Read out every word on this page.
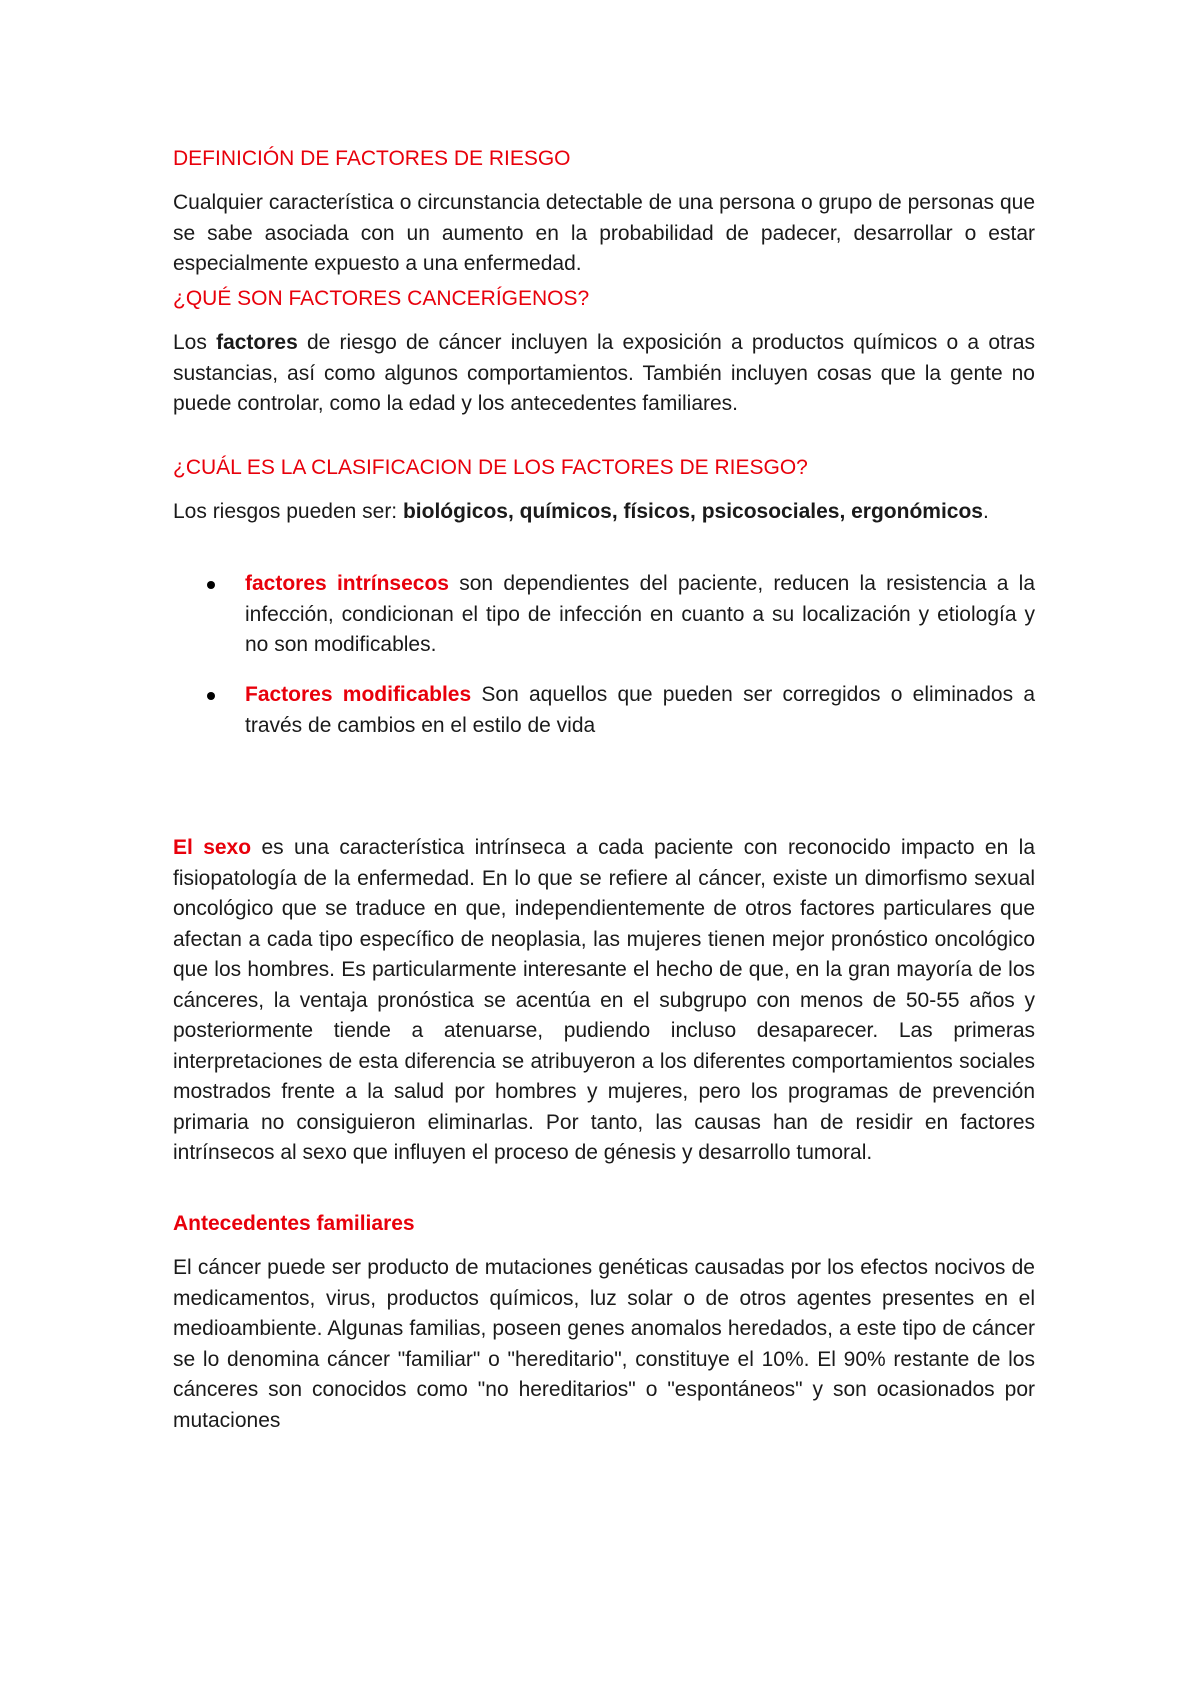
DEFINICIÓN DE FACTORES DE RIESGO
Cualquier característica o circunstancia detectable de una persona o grupo de personas que se sabe asociada con un aumento en la probabilidad de padecer, desarrollar o estar especialmente expuesto a una enfermedad.
¿QUÉ SON FACTORES CANCERÍGENOS?
Los factores de riesgo de cáncer incluyen la exposición a productos químicos o a otras sustancias, así como algunos comportamientos. También incluyen cosas que la gente no puede controlar, como la edad y los antecedentes familiares.
¿CUÁL ES LA CLASIFICACION DE LOS FACTORES DE RIESGO?
Los riesgos pueden ser: biológicos, químicos, físicos, psicosociales, ergonómicos.
factores intrínsecos son dependientes del paciente, reducen la resistencia a la infección, condicionan el tipo de infección en cuanto a su localización y etiología y no son modificables.
Factores modificables Son aquellos que pueden ser corregidos o eliminados a través de cambios en el estilo de vida
El sexo es una característica intrínseca a cada paciente con reconocido impacto en la fisiopatología de la enfermedad. En lo que se refiere al cáncer, existe un dimorfismo sexual oncológico que se traduce en que, independientemente de otros factores particulares que afectan a cada tipo específico de neoplasia, las mujeres tienen mejor pronóstico oncológico que los hombres. Es particularmente interesante el hecho de que, en la gran mayoría de los cánceres, la ventaja pronóstica se acentúa en el subgrupo con menos de 50-55 años y posteriormente tiende a atenuarse, pudiendo incluso desaparecer. Las primeras interpretaciones de esta diferencia se atribuyeron a los diferentes comportamientos sociales mostrados frente a la salud por hombres y mujeres, pero los programas de prevención primaria no consiguieron eliminarlas. Por tanto, las causas han de residir en factores intrínsecos al sexo que influyen el proceso de génesis y desarrollo tumoral.
Antecedentes familiares
El cáncer puede ser producto de mutaciones genéticas causadas por los efectos nocivos de medicamentos, virus, productos químicos, luz solar o de otros agentes presentes en el medioambiente. Algunas familias, poseen genes anomalos heredados, a este tipo de cáncer se lo denomina cáncer "familiar" o "hereditario", constituye el 10%. El 90% restante de los cánceres son conocidos como "no hereditarios" o "espontáneos" y son ocasionados por mutaciones
